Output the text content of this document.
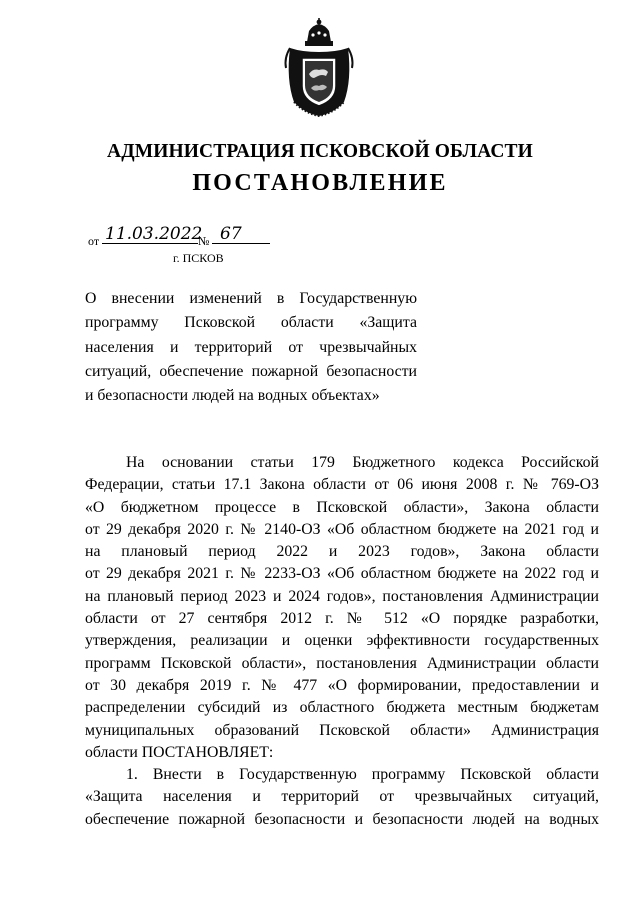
АДМИНИСТРАЦИЯ ПСКОВСКОЙ ОБЛАСТИ
ПОСТАНОВЛЕНИЕ
от 11.03.2022
№ 67
г. ПСКОВ
О внесении изменений в Государственную
программу Псковской области «Защита
населения и территорий от чрезвычайных
ситуаций, обеспечение пожарной безопасности
и безопасности людей на водных объектах»
На основании статьи 179 Бюджетного кодекса Российской
Федерации, статьи 17.1 Закона области от 06 июня 2008 г. № 769-ОЗ
«О бюджетном процессе в Псковской области», Закона области
от 29 декабря 2020 г. № 2140-ОЗ «Об областном бюджете на 2021 год и
на плановый период 2022 и 2023 годов», Закона области
от 29 декабря 2021 г. № 2233-ОЗ «Об областном бюджете на 2022 год и
на плановый период 2023 и 2024 годов», постановления Администрации
области от 27 сентября 2012 г. № 512 «О порядке разработки,
утверждения, реализации и оценки эффективности государственных
программ Псковской области», постановления Администрации области
от 30 декабря 2019 г. № 477 «О формировании, предоставлении и
распределении субсидий из областного бюджета местным бюджетам
муниципальных образований Псковской области» Администрация
области ПОСТАНОВЛЯЕТ:
1. Внести в Государственную программу Псковской области
«Защита населения и территорий от чрезвычайных ситуаций,
обеспечение пожарной безопасности и безопасности людей на водных
